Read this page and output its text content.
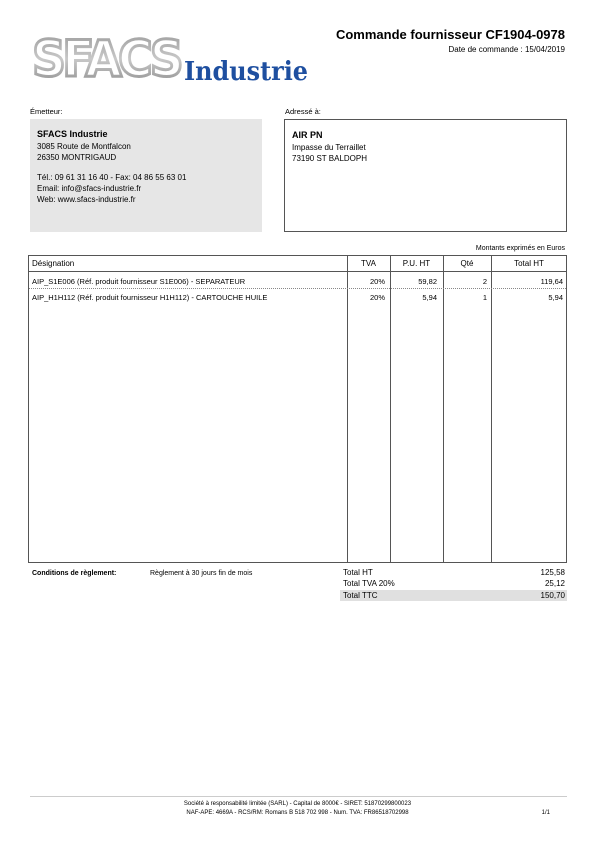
SFACS Industrie
Commande fournisseur CF1904-0978
Date de commande : 15/04/2019
Émetteur:	Adressé à:
SFACS Industrie
3085 Route de Montfalcon
26350 MONTRIGAUD
Tél.: 09 61 31 16 40 - Fax: 04 86 55 63 01
Email: info@sfacs-industrie.fr
Web: www.sfacs-industrie.fr
AIR PN
Impasse du Terraillet
73190 ST BALDOPH
Montants exprimés en Euros
Désignation	TVA	P.U. HT	Qté	Total HT
AIP_S1E006 (Réf. produit fournisseur S1E006) - SEPARATEUR	20%	59,82	2	119,64
AIP_H1H112 (Réf. produit fournisseur H1H112) - CARTOUCHE HUILE	20%	5,94	1	5,94
Conditions de règlement:	Règlement à 30 jours fin de mois	Total HT	125,58
Total TVA 20%	25,12
Total TTC	150,70
Société à responsabilité limitée (SARL) - Capital de 8000€ - SIRET: 51870299800023
NAF-APE: 4669A - RCS/RM: Romans B 518 702 998 - Num. TVA: FR86518702998	1/1
